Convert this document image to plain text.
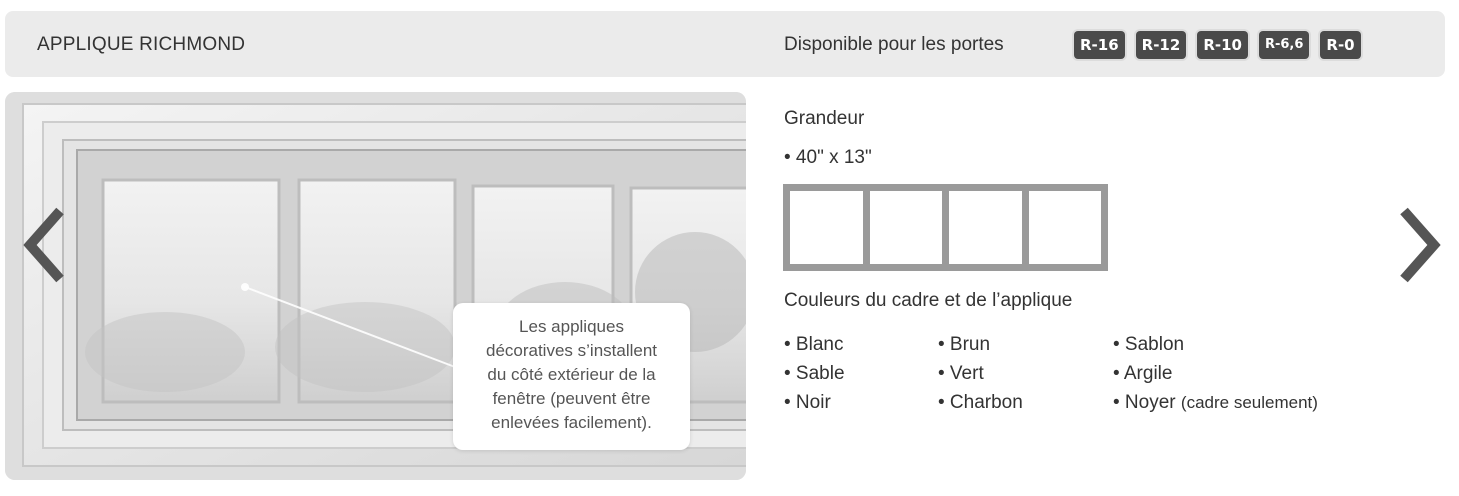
APPLIQUE RICHMOND	Disponible pour les portes	R-16	R-12	R-10	R-6,6	R-0
Les appliques
décoratives s’installent
du côté extérieur de la
fenêtre (peuvent être
enlevées facilement).
Grandeur
• 40" x 13"
Couleurs du cadre et de l’applique
• Blanc
• Sable
• Noir
• Brun
• Vert
• Charbon
• Sablon
• Argile
• Noyer (cadre seulement)
